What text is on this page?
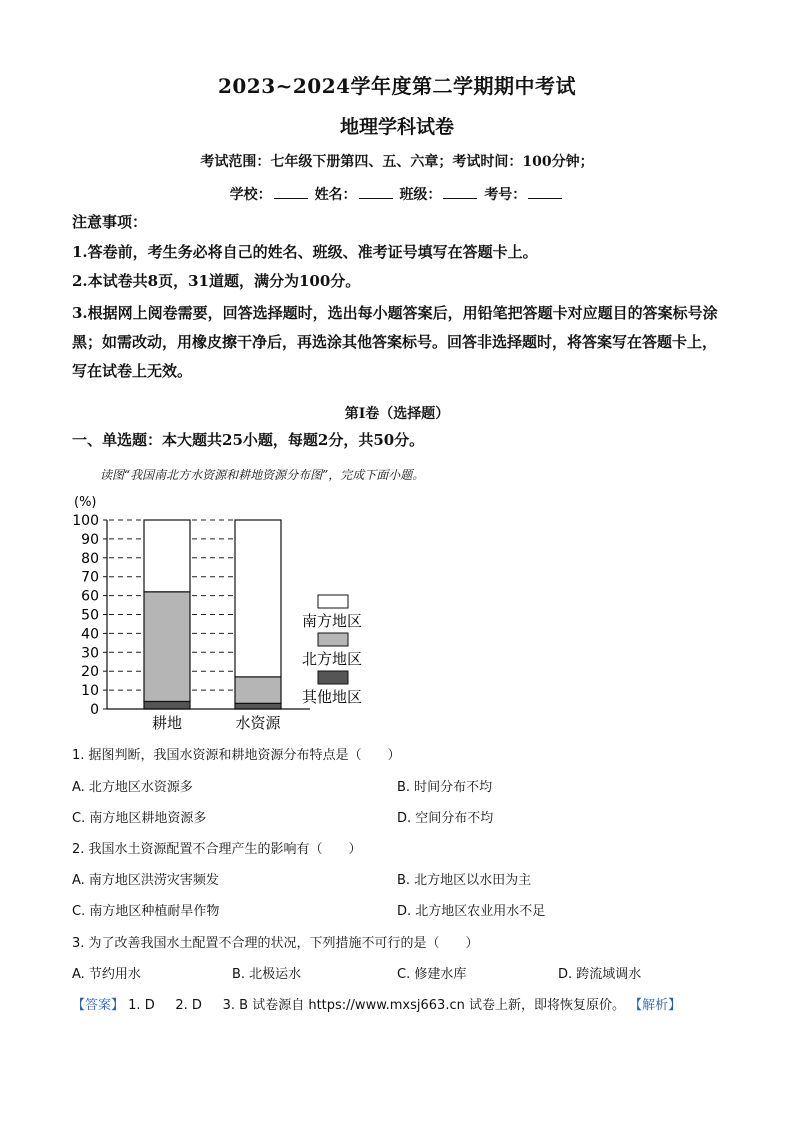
2023~2024学年度第二学期期中考试
地理学科试卷
考试范围：七年级下册第四、五、六章；考试时间：100分钟；
学校：	姓名：	班级：	考号：
注意事项：
1.答卷前，考生务必将自己的姓名、班级、准考证号填写在答题卡上。
2.本试卷共8页，31道题，满分为100分。
3.根据网上阅卷需要，回答选择题时，选出每小题答案后，用铅笔把答题卡对应题目的答案标号涂黑；如需改动，用橡皮擦干净后，再选涂其他答案标号。回答非选择题时，将答案写在答题卡上，写在试卷上无效。
第Ⅰ卷（选择题）
一、单选题：本大题共25小题，每题2分，共50分。
读图“我国南北方水资源和耕地资源分布图”，完成下面小题。
(%)
0
10
20
30
40
50
60
70
80
90
100
耕地	水资源
南方地区
北方地区
其他地区
1. 据图判断，我国水资源和耕地资源分布特点是（　　）
A. 北方地区水资源多	B. 时间分布不均
C. 南方地区耕地资源多	D. 空间分布不均
2. 我国水土资源配置不合理产生的影响有（　　）
A. 南方地区洪涝灾害频发	B. 北方地区以水田为主
C. 南方地区种植耐旱作物	D. 北方地区农业用水不足
3. 为了改善我国水土配置不合理的状况，下列措施不可行的是（　　）
A. 节约用水	B. 北极运水	C. 修建水库	D. 跨流域调水
【答案】 1. D 2. D 3. B 试卷源自 https://www.mxsj663.cn 试卷上新，即将恢复原价。 【解析】
